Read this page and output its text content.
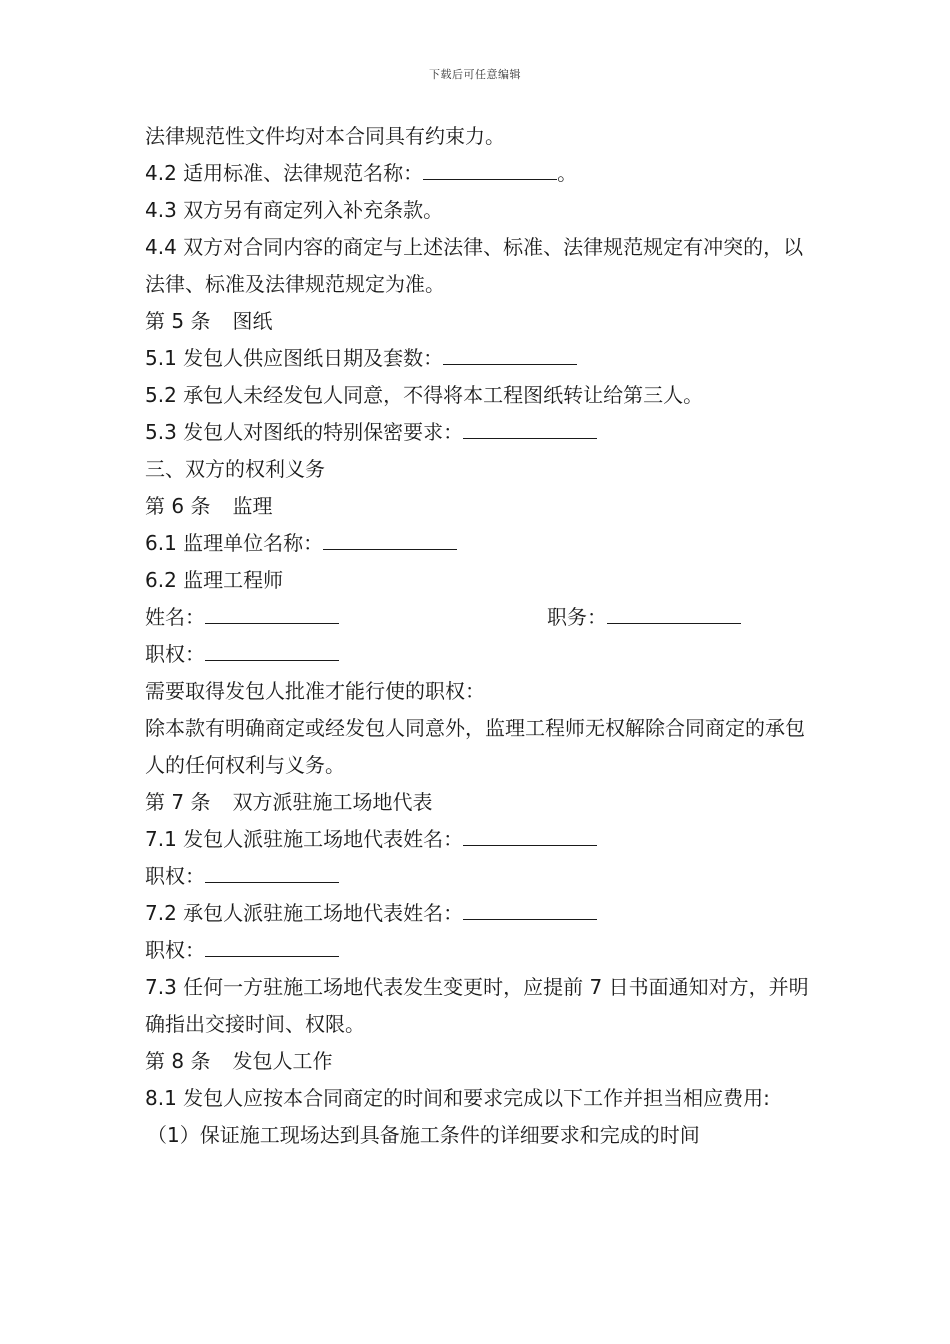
下载后可任意编辑
法律规范性文件均对本合同具有约束力。
4.2 适用标准、法律规范名称：	。
4.3 双方另有商定列入补充条款。
4.4 双方对合同内容的商定与上述法律、标准、法律规范规定有冲突的，以法律、标准及法律规范规定为准。
第 5 条 图纸
5.1 发包人供应图纸日期及套数：
5.2 承包人未经发包人同意，不得将本工程图纸转让给第三人。
5.3 发包人对图纸的特别保密要求：
三、双方的权利义务
第 6 条 监理
6.1 监理单位名称：
6.2 监理工程师
姓名：	职务：
职权：
需要取得发包人批准才能行使的职权：
除本款有明确商定或经发包人同意外，监理工程师无权解除合同商定的承包人的任何权利与义务。
第 7 条 双方派驻施工场地代表
7.1 发包人派驻施工场地代表姓名：
职权：
7.2 承包人派驻施工场地代表姓名：
职权：
7.3 任何一方驻施工场地代表发生变更时，应提前 7 日书面通知对方，并明确指出交接时间、权限。
第 8 条 发包人工作
8.1 发包人应按本合同商定的时间和要求完成以下工作并担当相应费用:
（1）保证施工现场达到具备施工条件的详细要求和完成的时间
